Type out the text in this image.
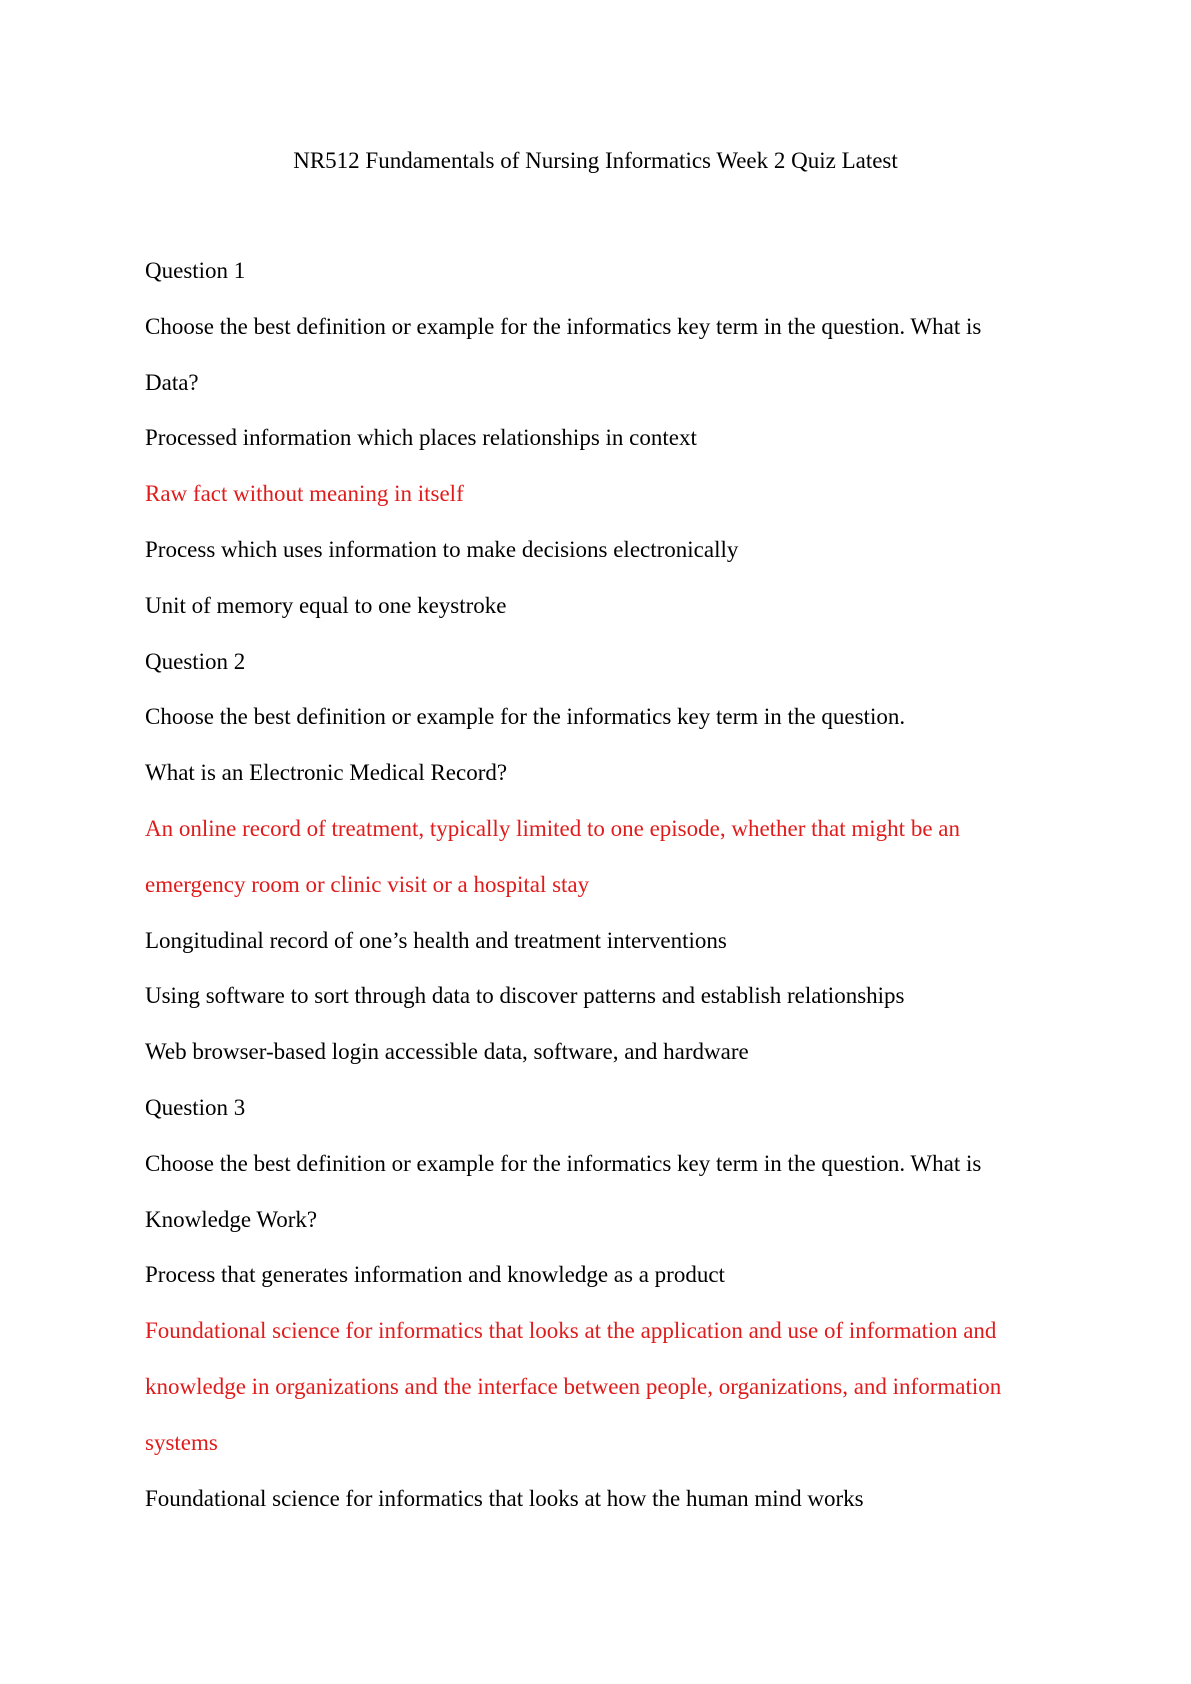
NR512 Fundamentals of Nursing Informatics Week 2 Quiz Latest
Question 1
Choose the best definition or example for the informatics key term in the question. What is
Data?
Processed information which places relationships in context
Raw fact without meaning in itself
Process which uses information to make decisions electronically
Unit of memory equal to one keystroke
Question 2
Choose the best definition or example for the informatics key term in the question.
What is an Electronic Medical Record?
An online record of treatment, typically limited to one episode, whether that might be an
emergency room or clinic visit or a hospital stay
Longitudinal record of one’s health and treatment interventions
Using software to sort through data to discover patterns and establish relationships
Web browser-based login accessible data, software, and hardware
Question 3
Choose the best definition or example for the informatics key term in the question. What is
Knowledge Work?
Process that generates information and knowledge as a product
Foundational science for informatics that looks at the application and use of information and
knowledge in organizations and the interface between people, organizations, and information
systems
Foundational science for informatics that looks at how the human mind works
